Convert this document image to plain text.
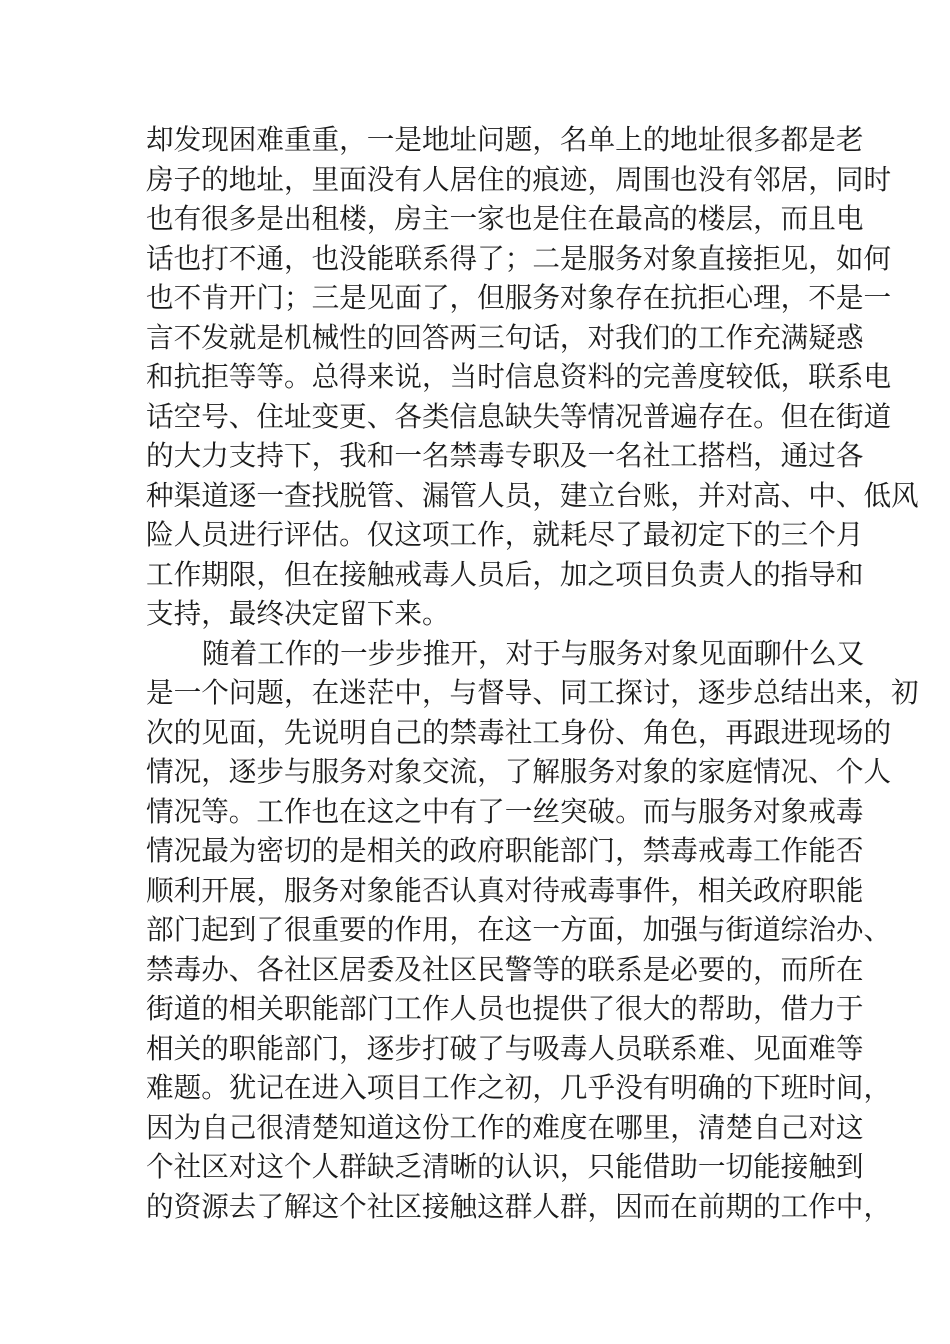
却发现困难重重，一是地址问题，名单上的地址很多都是老
房子的地址，里面没有人居住的痕迹，周围也没有邻居，同时
也有很多是出租楼，房主一家也是住在最高的楼层，而且电
话也打不通，也没能联系得了；二是服务对象直接拒见，如何
也不肯开门；三是见面了，但服务对象存在抗拒心理，不是一
言不发就是机械性的回答两三句话，对我们的工作充满疑惑
和抗拒等等。总得来说，当时信息资料的完善度较低，联系电
话空号、住址变更、各类信息缺失等情况普遍存在。但在街道
的大力支持下，我和一名禁毒专职及一名社工搭档，通过各
种渠道逐一查找脱管、漏管人员，建立台账，并对高、中、低风
险人员进行评估。仅这项工作，就耗尽了最初定下的三个月
工作期限，但在接触戒毒人员后，加之项目负责人的指导和
支持，最终决定留下来。
随着工作的一步步推开，对于与服务对象见面聊什么又
是一个问题，在迷茫中，与督导、同工探讨，逐步总结出来，初
次的见面，先说明自己的禁毒社工身份、角色，再跟进现场的
情况，逐步与服务对象交流，了解服务对象的家庭情况、个人
情况等。工作也在这之中有了一丝突破。而与服务对象戒毒
情况最为密切的是相关的政府职能部门，禁毒戒毒工作能否
顺利开展，服务对象能否认真对待戒毒事件，相关政府职能
部门起到了很重要的作用，在这一方面，加强与街道综治办、
禁毒办、各社区居委及社区民警等的联系是必要的，而所在
街道的相关职能部门工作人员也提供了很大的帮助，借力于
相关的职能部门，逐步打破了与吸毒人员联系难、见面难等
难题。犹记在进入项目工作之初，几乎没有明确的下班时间，
因为自己很清楚知道这份工作的难度在哪里，清楚自己对这
个社区对这个人群缺乏清晰的认识，只能借助一切能接触到
的资源去了解这个社区接触这群人群，因而在前期的工作中，
